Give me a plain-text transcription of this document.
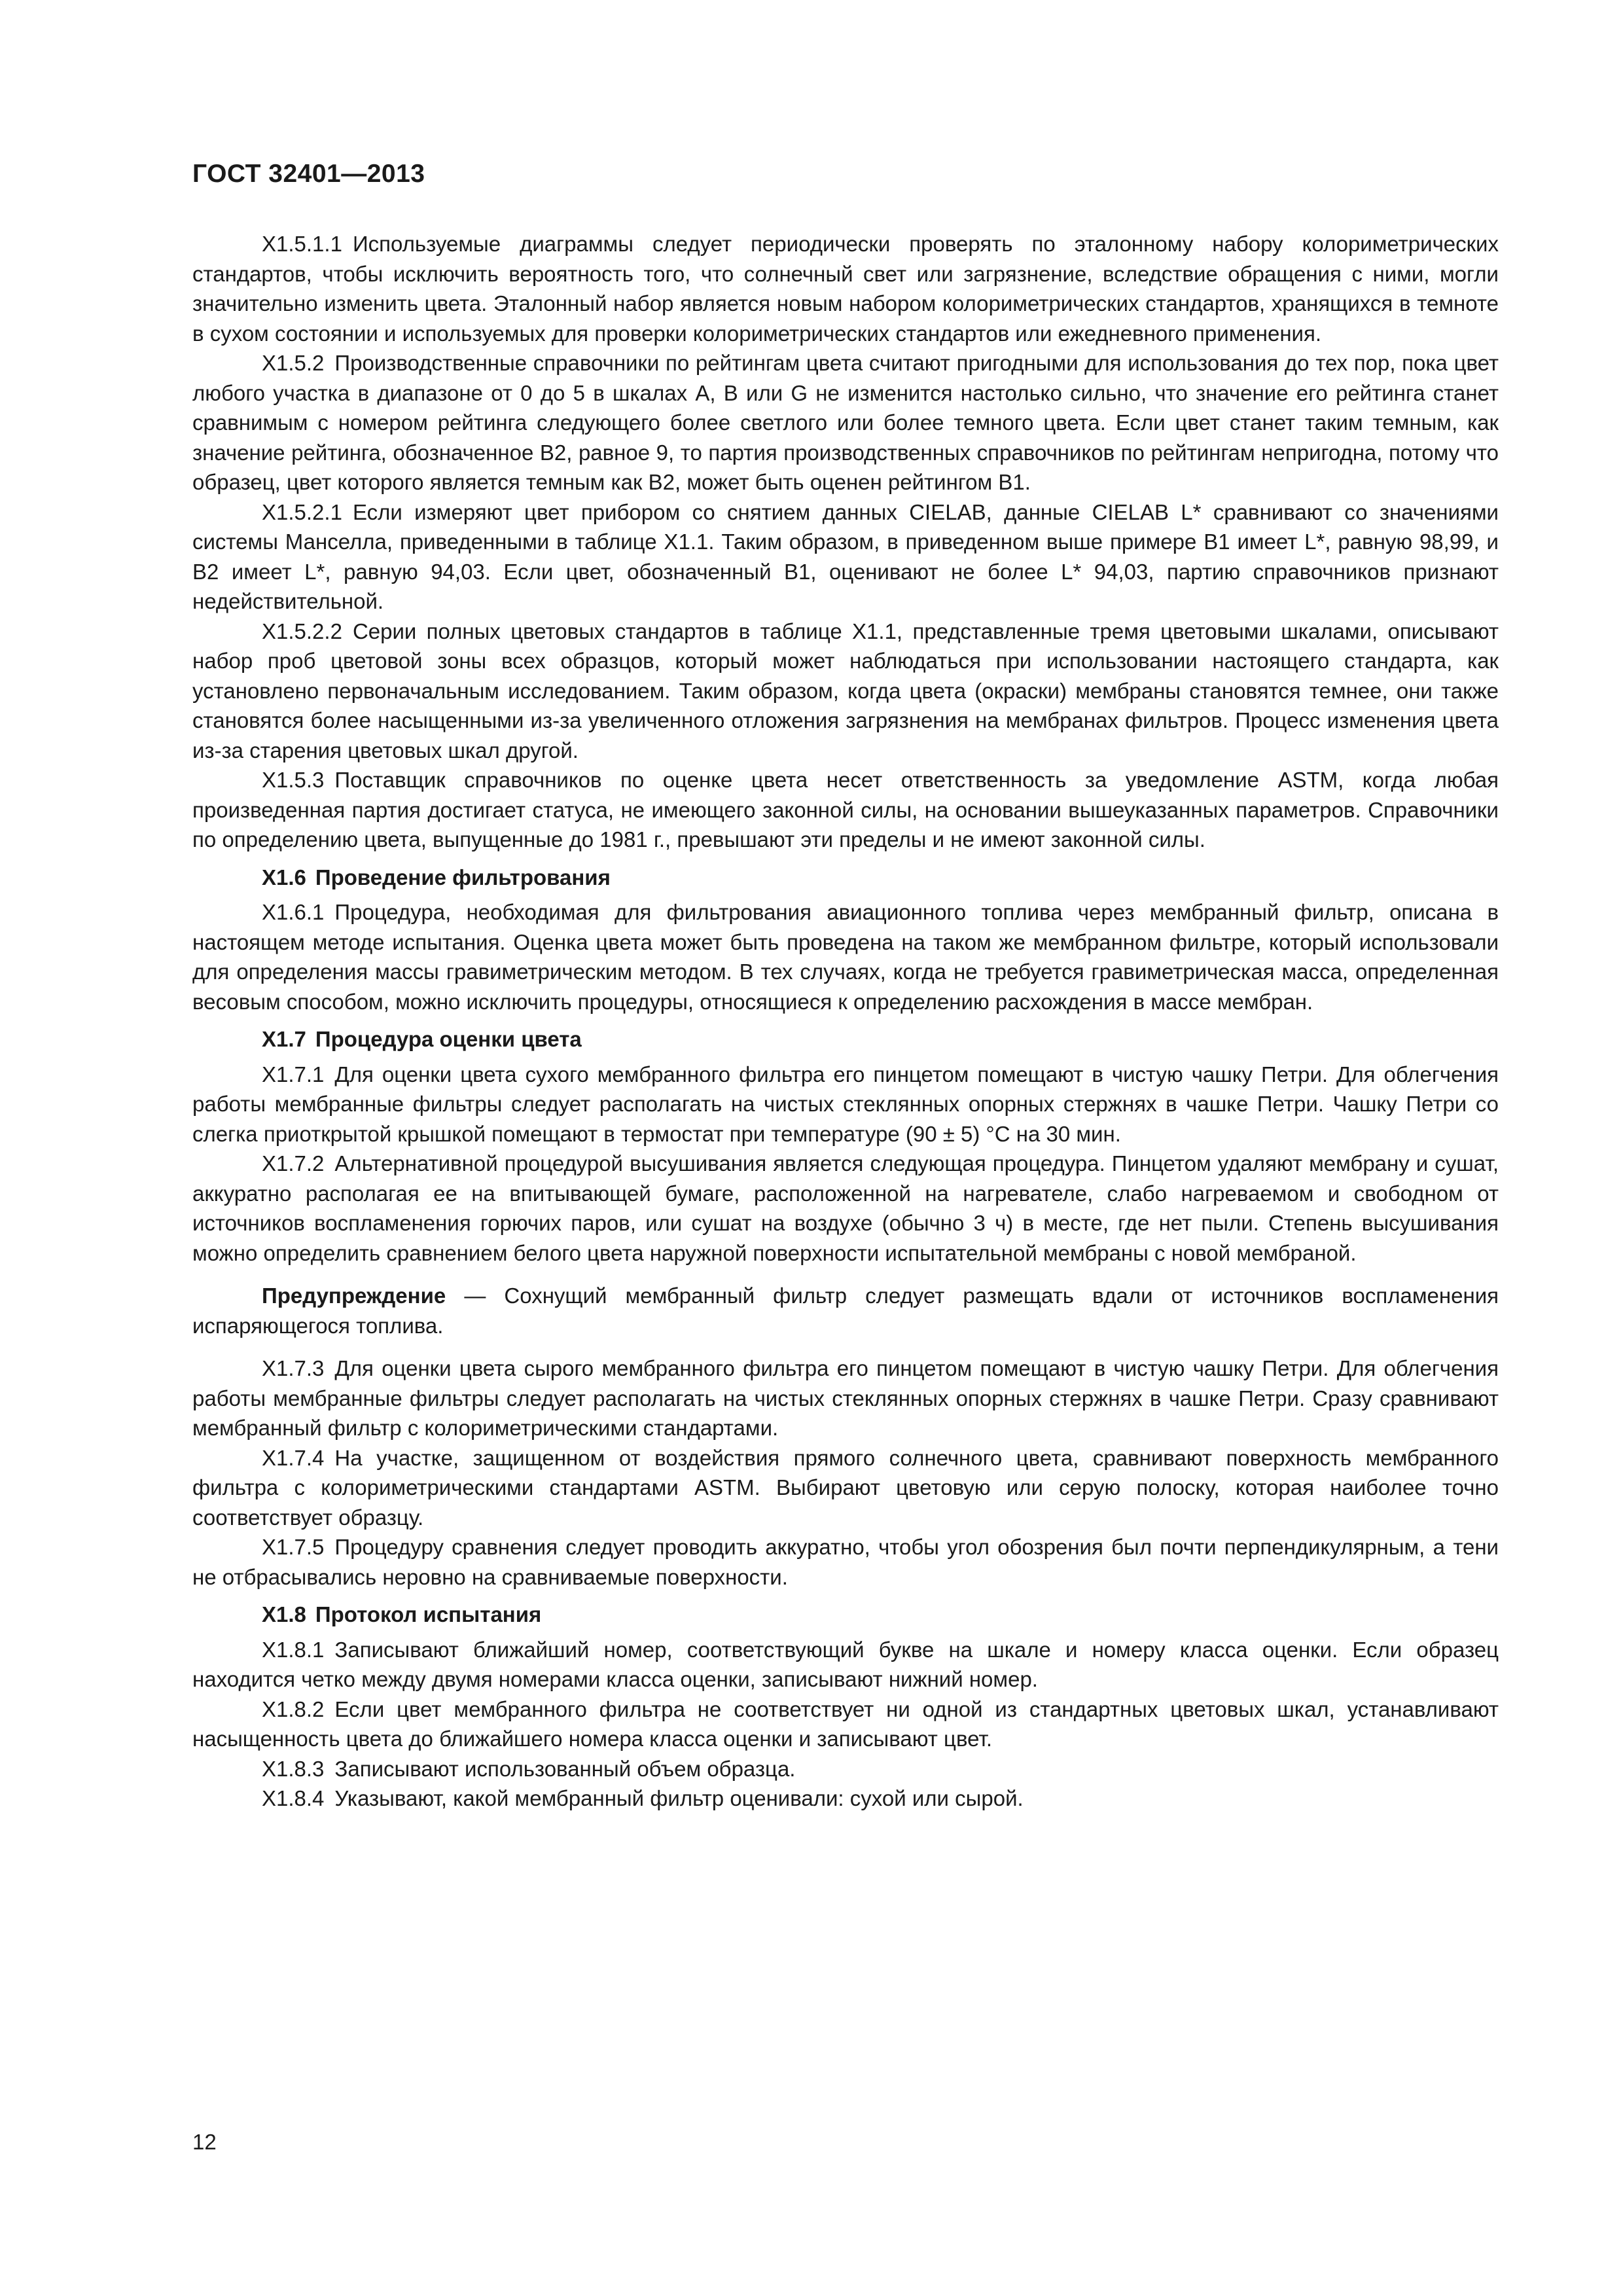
ГОСТ 32401—2013

X1.5.1.1 Используемые диаграммы следует периодически проверять по эталонному набору колориметрических стандартов, чтобы исключить вероятность того, что солнечный свет или загрязнение, вследствие обращения с ними, могли значительно изменить цвета. Эталонный набор является новым набором колориметрических стандартов, хранящихся в темноте в сухом состоянии и используемых для проверки колориметрических стандартов или ежедневного применения.

X1.5.2 Производственные справочники по рейтингам цвета считают пригодными для использования до тех пор, пока цвет любого участка в диапазоне от 0 до 5 в шкалах A, B или G не изменится настолько сильно, что значение его рейтинга станет сравнимым с номером рейтинга следующего более светлого или более темного цвета. Если цвет станет таким темным, как значение рейтинга, обозначенное B2, равное 9, то партия производственных справочников по рейтингам непригодна, потому что образец, цвет которого является темным как B2, может быть оценен рейтингом B1.

X1.5.2.1 Если измеряют цвет прибором со снятием данных CIELAB, данные CIELAB L* сравнивают со значениями системы Манселла, приведенными в таблице X1.1. Таким образом, в приведенном выше примере B1 имеет L*, равную 98,99, и B2 имеет L*, равную 94,03. Если цвет, обозначенный B1, оценивают не более L* 94,03, партию справочников признают недействительной.

X1.5.2.2 Серии полных цветовых стандартов в таблице X1.1, представленные тремя цветовыми шкалами, описывают набор проб цветовой зоны всех образцов, который может наблюдаться при использовании настоящего стандарта, как установлено первоначальным исследованием. Таким образом, когда цвета (окраски) мембраны становятся темнее, они также становятся более насыщенными из-за увеличенного отложения загрязнения на мембранах фильтров. Процесс изменения цвета из-за старения цветовых шкал другой.

X1.5.3 Поставщик справочников по оценке цвета несет ответственность за уведомление ASTM, когда любая произведенная партия достигает статуса, не имеющего законной силы, на основании вышеуказанных параметров. Справочники по определению цвета, выпущенные до 1981 г., превышают эти пределы и не имеют законной силы.

X1.6 Проведение фильтрования

X1.6.1 Процедура, необходимая для фильтрования авиационного топлива через мембранный фильтр, описана в настоящем методе испытания. Оценка цвета может быть проведена на таком же мембранном фильтре, который использовали для определения массы гравиметрическим методом. В тех случаях, когда не требуется гравиметрическая масса, определенная весовым способом, можно исключить процедуры, относящиеся к определению расхождения в массе мембран.

X1.7 Процедура оценки цвета

X1.7.1 Для оценки цвета сухого мембранного фильтра его пинцетом помещают в чистую чашку Петри. Для облегчения работы мембранные фильтры следует располагать на чистых стеклянных опорных стержнях в чашке Петри. Чашку Петри со слегка приоткрытой крышкой помещают в термостат при температуре (90 ± 5) °C на 30 мин.

X1.7.2 Альтернативной процедурой высушивания является следующая процедура. Пинцетом удаляют мембрану и сушат, аккуратно располагая ее на впитывающей бумаге, расположенной на нагревателе, слабо нагреваемом и свободном от источников воспламенения горючих паров, или сушат на воздухе (обычно 3 ч) в месте, где нет пыли. Степень высушивания можно определить сравнением белого цвета наружной поверхности испытательной мембраны с новой мембраной.

Предупреждение — Сохнущий мембранный фильтр следует размещать вдали от источников воспламенения испаряющегося топлива.

X1.7.3 Для оценки цвета сырого мембранного фильтра его пинцетом помещают в чистую чашку Петри. Для облегчения работы мембранные фильтры следует располагать на чистых стеклянных опорных стержнях в чашке Петри. Сразу сравнивают мембранный фильтр с колориметрическими стандартами.

X1.7.4 На участке, защищенном от воздействия прямого солнечного цвета, сравнивают поверхность мембранного фильтра с колориметрическими стандартами ASTM. Выбирают цветовую или серую полоску, которая наиболее точно соответствует образцу.

X1.7.5 Процедуру сравнения следует проводить аккуратно, чтобы угол обозрения был почти перпендикулярным, а тени не отбрасывались неровно на сравниваемые поверхности.

X1.8 Протокол испытания

X1.8.1 Записывают ближайший номер, соответствующий букве на шкале и номеру класса оценки. Если образец находится четко между двумя номерами класса оценки, записывают нижний номер.

X1.8.2 Если цвет мембранного фильтра не соответствует ни одной из стандартных цветовых шкал, устанавливают насыщенность цвета до ближайшего номера класса оценки и записывают цвет.

X1.8.3 Записывают использованный объем образца.

X1.8.4 Указывают, какой мембранный фильтр оценивали: сухой или сырой.

12
